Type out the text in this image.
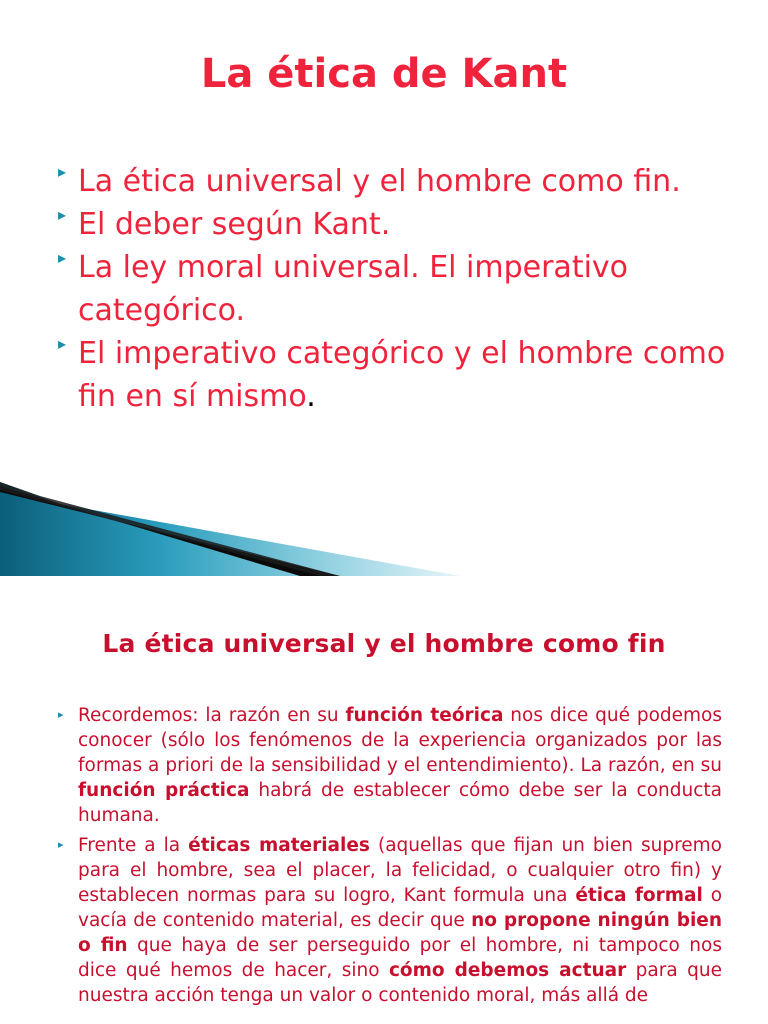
La ética de Kant
▸ La ética universal y el hombre como fin.
▸ El deber según Kant.
▸ La ley moral universal. El imperativo categórico.
▸ El imperativo categórico y el hombre como fin en sí mismo.
La ética universal y el hombre como fin
▸ Recordemos: la razón en su función teórica nos dice qué podemos conocer (sólo los fenómenos de la experiencia organizados por las formas a priori de la sensibilidad y el entendimiento). La razón, en su función práctica habrá de establecer cómo debe ser la conducta humana.
▸ Frente a la éticas materiales (aquellas que fijan un bien supremo para el hombre, sea el placer, la felicidad, o cualquier otro fin) y establecen normas para su logro, Kant formula una ética formal o vacía de contenido material, es decir que no propone ningún bien o fin que haya de ser perseguido por el hombre, ni tampoco nos dice qué hemos de hacer, sino cómo debemos actuar para que nuestra acción tenga un valor o contenido moral, más allá de
